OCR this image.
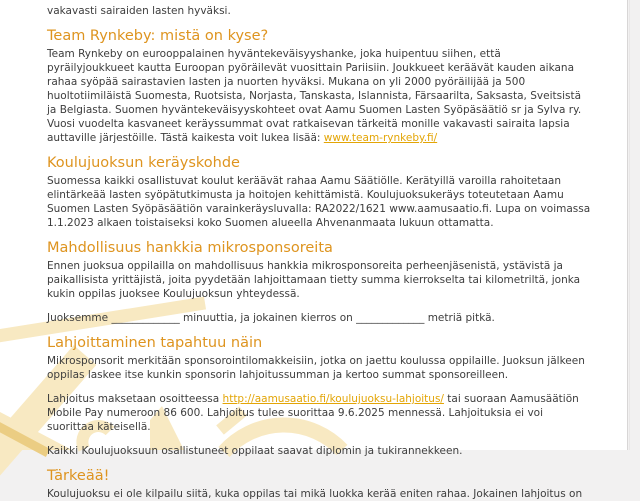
vakavasti sairaiden lasten hyväksi.

Team Rynkeby: mistä on kyse?

Team Rynkeby on eurooppalainen hyväntekeväisyyshanke, joka huipentuu siihen, että pyräilyjoukkueet kautta Euroopan pyöräilevät vuosittain Pariisiin. Joukkueet keräävät kauden aikana rahaa syöpää sairastavien lasten ja nuorten hyväksi. Mukana on yli 2000 pyöräilijää ja 500 huoltotiimiläistä Suomesta, Ruotsista, Norjasta, Tanskasta, Islannista, Färsaarilta, Saksasta, Sveitsistä ja Belgiasta. Suomen hyväntekeväisyyskohteet ovat Aamu Suomen Lasten Syöpäsäätiö sr ja Sylva ry. Vuosi vuodelta kasvaneet keräyssummat ovat ratkaisevan tärkeitä monille vakavasti sairaita lapsia auttaville järjestöille. Tästä kaikesta voit lukea lisää: www.team-rynkeby.fi/

Koulujuoksun keräyskohde

Suomessa kaikki osallistuvat koulut keräävät rahaa Aamu Säätiölle. Kerätyillä varoilla rahoitetaan elintärkeää lasten syöpätutkimusta ja hoitojen kehittämistä. Koulujuoksukeräys toteutetaan Aamu Suomen Lasten Syöpäsäätiön varainkeräysluvalla: RA2022/1621 www.aamusaatio.fi. Lupa on voimassa 1.1.2023 alkaen toistaiseksi koko Suomen alueella Ahvenanmaata lukuun ottamatta.

Mahdollisuus hankkia mikrosponsoreita

Ennen juoksua oppilailla on mahdollisuus hankkia mikrosponsoreita perheenjäsenistä, ystävistä ja paikallisista yrittäjistä, joita pyydetään lahjoittamaan tietty summa kierrokselta tai kilometriltä, jonka kukin oppilas juoksee Koulujuoksun yhteydessä.

Juoksemme _____________ minuuttia, ja jokainen kierros on _____________ metriä pitkä.

Lahjoittaminen tapahtuu näin

Mikrosponsorit merkitään sponsorointilomakkeisiin, jotka on jaettu koulussa oppilaille. Juoksun jälkeen oppilas laskee itse kunkin sponsorin lahjoitussumman ja kertoo summat sponsoreilleen.

Lahjoitus maksetaan osoitteessa http://aamusaatio.fi/koulujuoksu-lahjoitus/ tai suoraan Aamusäätiön Mobile Pay numeroon 86 600. Lahjoitus tulee suorittaa 9.6.2025 mennessä. Lahjoituksia ei voi suorittaa käteisellä.

Kaikki Koulujuoksuun osallistuneet oppilaat saavat diplomin ja tukirannekkeen.

Tärkeää!

Koulujuoksu ei ole kilpailu siitä, kuka oppilas tai mikä luokka kerää eniten rahaa. Jokainen lahjoitus on
